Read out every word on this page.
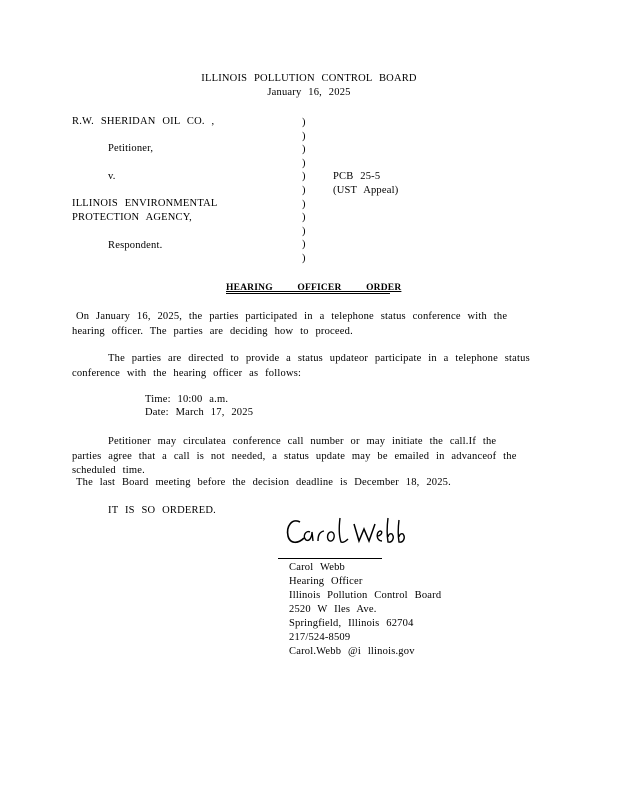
ILLINOIS POLLUTION CONTROL BOARD
January 16, 2025
R.W. SHERIDAN OIL CO. ,
Petitioner,
v.
ILLINOIS ENVIRONMENTAL
PROTECTION AGENCY,
Respondent.
)
)
)
)
)
)
)
)
)
)
)
PCB 25-5
(UST Appeal)
HEARING OFFICER ORDER
On January 16, 2025, the parties participated in a telephone status conference with the hearing officer. The parties are deciding how to proceed.
The parties are directed to provide a status updateor participate in a telephone status conference with the hearing officer as follows:
Time: 10:00 a.m.
Date: March 17, 2025
Petitioner may circulatea conference call number or may initiate the call.If the parties agree that a call is not needed, a status update may be emailed in advanceof the scheduled time.
The last Board meeting before the decision deadline is December 18, 2025.
IT IS SO ORDERED.
Carol Webb
Hearing Officer
Illinois Pollution Control Board
2520 W Iles Ave.
Springfield, Illinois 62704
217/524-8509
Carol.Webb @i llinois.gov
